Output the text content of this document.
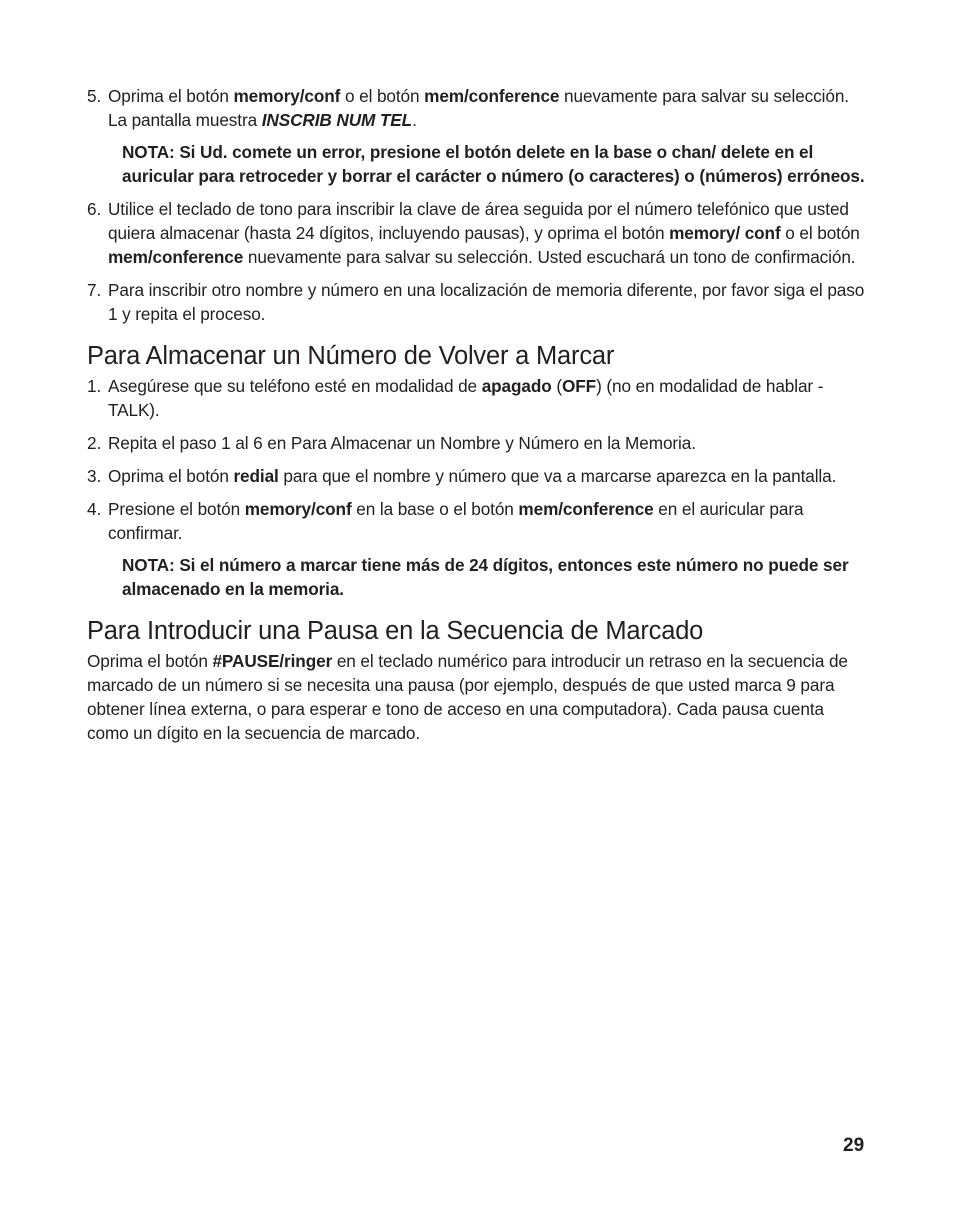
5. Oprima el botón memory/conf o el botón mem/conference nuevamente para salvar su selección. La pantalla muestra INSCRIB NUM TEL.

NOTA: Si Ud. comete un error, presione el botón delete en la base o chan/ delete en el auricular para retroceder y borrar el carácter o número (o caracteres) o (números) erróneos.

6. Utilice el teclado de tono para inscribir la clave de área seguida por el número telefónico que usted quiera almacenar (hasta 24 dígitos, incluyendo pausas), y oprima el botón memory/ conf o el botón mem/conference nuevamente para salvar su selección. Usted escuchará un tono de confirmación.

7. Para inscribir otro nombre y número en una localización de memoria diferente, por favor siga el paso 1 y repita el proceso.

Para Almacenar un Número de Volver a Marcar

1. Asegúrese que su teléfono esté en modalidad de apagado (OFF) (no en modalidad de hablar -TALK).

2. Repita el paso 1 al 6 en Para Almacenar un Nombre y Número en la Memoria.

3. Oprima el botón redial para que el nombre y número que va a marcarse aparezca en la pantalla.

4. Presione el botón memory/conf en la base o el botón mem/conference en el auricular para confirmar.

NOTA: Si el número a marcar tiene más de 24 dígitos, entonces este número no puede ser almacenado en la memoria.

Para Introducir una Pausa en la Secuencia de Marcado

Oprima el botón #PAUSE/ringer en el teclado numérico para introducir un retraso en la secuencia de marcado de un número si se necesita una pausa (por ejemplo, después de que usted marca 9 para obtener línea externa, o para esperar e tono de acceso en una computadora). Cada pausa cuenta como un dígito en la secuencia de marcado.

29
